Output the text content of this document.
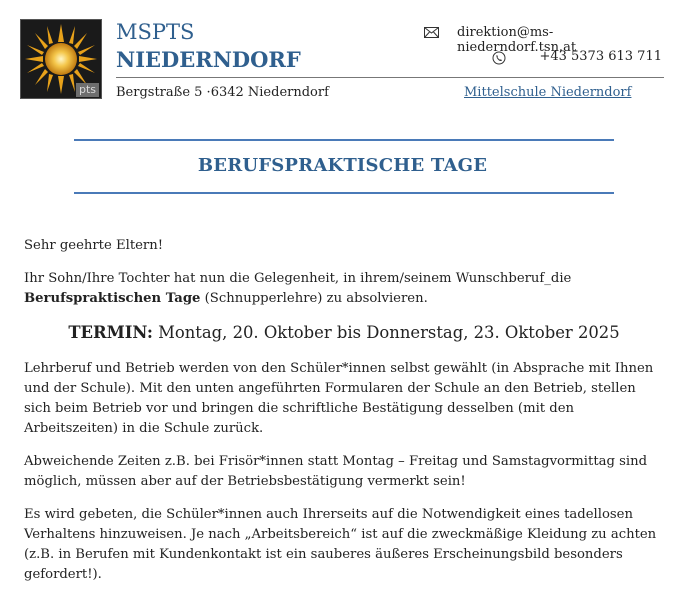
pts
MSPTS
NIEDERNDORF
direktion@ms-niederndorf.tsn.at
+43 5373 613 711
Bergstraße 5 ·6342 Niederndorf	Mittelschule Niederndorf
BERUFSPRAKTISCHE TAGE

Sehr geehrte Eltern!

Ihr Sohn/Ihre Tochter hat nun die Gelegenheit, in ihrem/seinem Wunschberuf_die
Berufspraktischen Tage (Schnupperlehre) zu absolvieren.

TERMIN: Montag, 20. Oktober bis Donnerstag, 23. Oktober 2025

Lehrberuf und Betrieb werden von den Schüler*innen selbst gewählt (in Absprache mit Ihnen und der Schule). Mit den unten angeführten Formularen der Schule an den Betrieb, stellen sich beim Betrieb vor und bringen die schriftliche Bestätigung desselben (mit den Arbeitszeiten) in die Schule zurück.

Abweichende Zeiten z.B. bei Frisör*innen statt Montag – Freitag und Samstagvormittag sind möglich, müssen aber auf der Betriebsbestätigung vermerkt sein!

Es wird gebeten, die Schüler*innen auch Ihrerseits auf die Notwendigkeit eines tadellosen Verhaltens hinzuweisen. Je nach „Arbeitsbereich“ ist auf die zweckmäßige Kleidung zu achten (z.B. in Berufen mit Kundenkontakt ist ein sauberes äußeres Erscheinungsbild besonders gefordert!).
